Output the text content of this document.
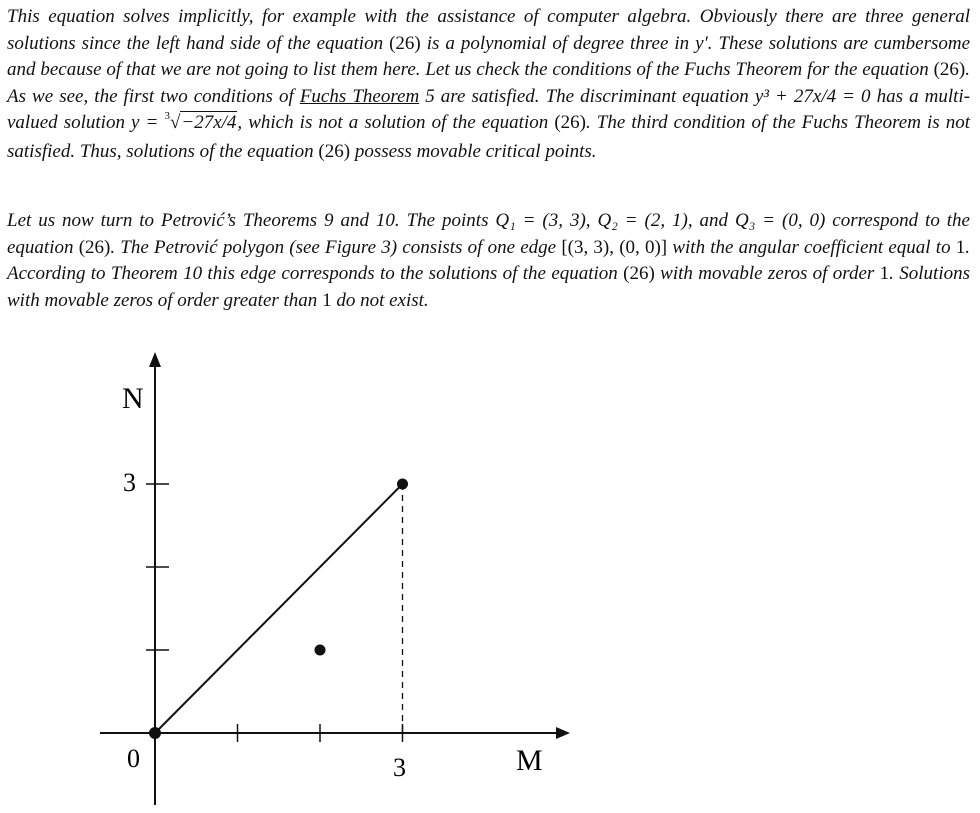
This equation solves implicitly, for example with the assistance of computer algebra. Obviously there are three general solutions since the left hand side of the equation (26) is a polynomial of degree three in y′. These solutions are cumbersome and because of that we are not going to list them here. Let us check the conditions of the Fuchs Theorem for the equation (26). As we see, the first two conditions of Fuchs Theorem 5 are satisfied. The discriminant equation y³ + 27x/4 = 0 has a multi-valued solution y = $^3$√−27x/4, which is not a solution of the equation (26). The third condition of the Fuchs Theorem is not satisfied. Thus, solutions of the equation (26) possess movable critical points.

Let us now turn to Petrović’s Theorems 9 and 10. The points Q₁ = (3, 3), Q₂ = (2, 1), and Q₃ = (0, 0) correspond to the equation (26). The Petrović polygon (see Figure 3) consists of one edge [(3, 3), (0, 0)] with the angular coefficient equal to 1. According to Theorem 10 this edge corresponds to the solutions of the equation (26) with movable zeros of order 1. Solutions with movable zeros of order greater than 1 do not exist.

N
M
3
3
0
